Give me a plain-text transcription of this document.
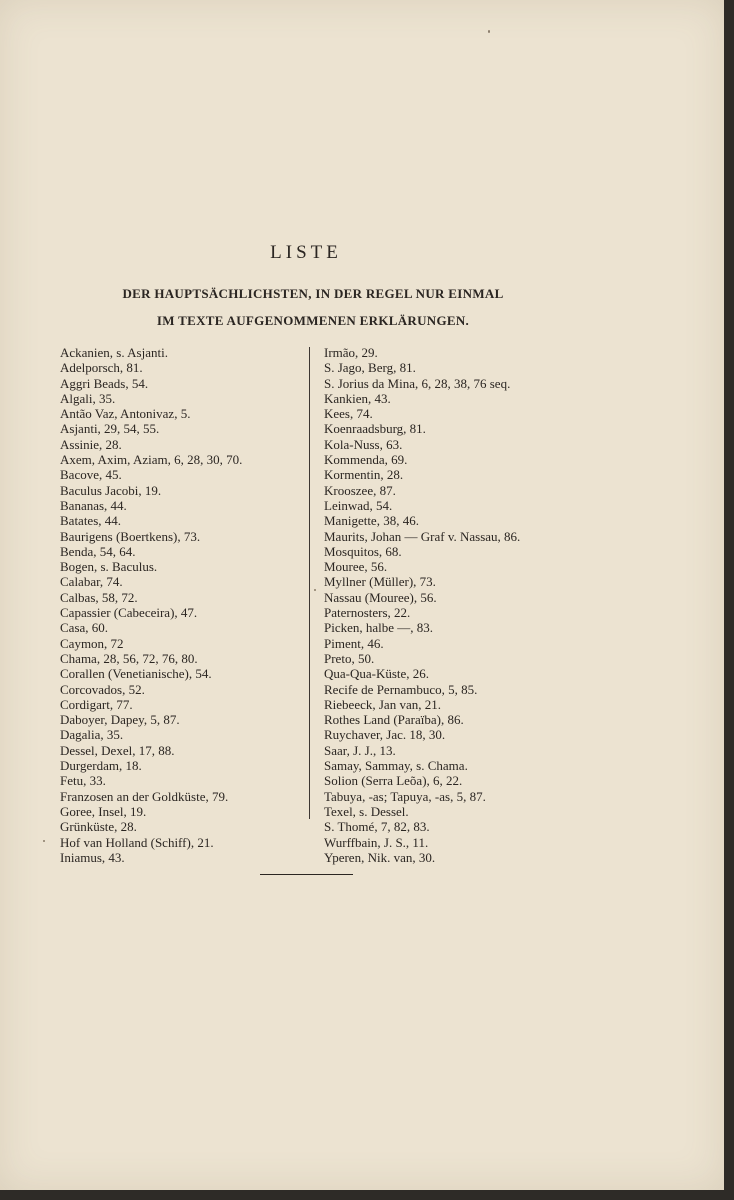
LISTE
DER HAUPTSÄCHLICHSTEN, IN DER REGEL NUR EINMAL
IM TEXTE AUFGENOMMENEN ERKLÄRUNGEN.
Ackanien, s. Asjanti.
Adelporsch, 81.
Aggri Beads, 54.
Algali, 35.
Antão Vaz, Antonivaz, 5.
Asjanti, 29, 54, 55.
Assinie, 28.
Axem, Axim, Aziam, 6, 28, 30, 70.
Bacove, 45.
Baculus Jacobi, 19.
Bananas, 44.
Batates, 44.
Baurigens (Boertkens), 73.
Benda, 54, 64.
Bogen, s. Baculus.
Calabar, 74.
Calbas, 58, 72.
Capassier (Cabeceira), 47.
Casa, 60.
Caymon, 72
Chama, 28, 56, 72, 76, 80.
Corallen (Venetianische), 54.
Corcovados, 52.
Cordigart, 77.
Daboyer, Dapey, 5, 87.
Dagalia, 35.
Dessel, Dexel, 17, 88.
Durgerdam, 18.
Fetu, 33.
Franzosen an der Goldküste, 79.
Goree, Insel, 19.
Grünküste, 28.
Hof van Holland (Schiff), 21.
Iniamus, 43.
Irmão, 29.
S. Jago, Berg, 81.
S. Jorius da Mina, 6, 28, 38, 76 seq.
Kankien, 43.
Kees, 74.
Koenraadsburg, 81.
Kola-Nuss, 63.
Kommenda, 69.
Kormentin, 28.
Krooszee, 87.
Leinwad, 54.
Manigette, 38, 46.
Maurits, Johan — Graf v. Nassau, 86.
Mosquitos, 68.
Mouree, 56.
Myllner (Müller), 73.
Nassau (Mouree), 56.
Paternosters, 22.
Picken, halbe —, 83.
Piment, 46.
Preto, 50.
Qua-Qua-Küste, 26.
Recife de Pernambuco, 5, 85.
Riebeeck, Jan van, 21.
Rothes Land (Paraïba), 86.
Ruychaver, Jac. 18, 30.
Saar, J. J., 13.
Samay, Sammay, s. Chama.
Solion (Serra Leõa), 6, 22.
Tabuya, -as; Tapuya, -as, 5, 87.
Texel, s. Dessel.
S. Thomé, 7, 82, 83.
Wurffbain, J. S., 11.
Yperen, Nik. van, 30.
